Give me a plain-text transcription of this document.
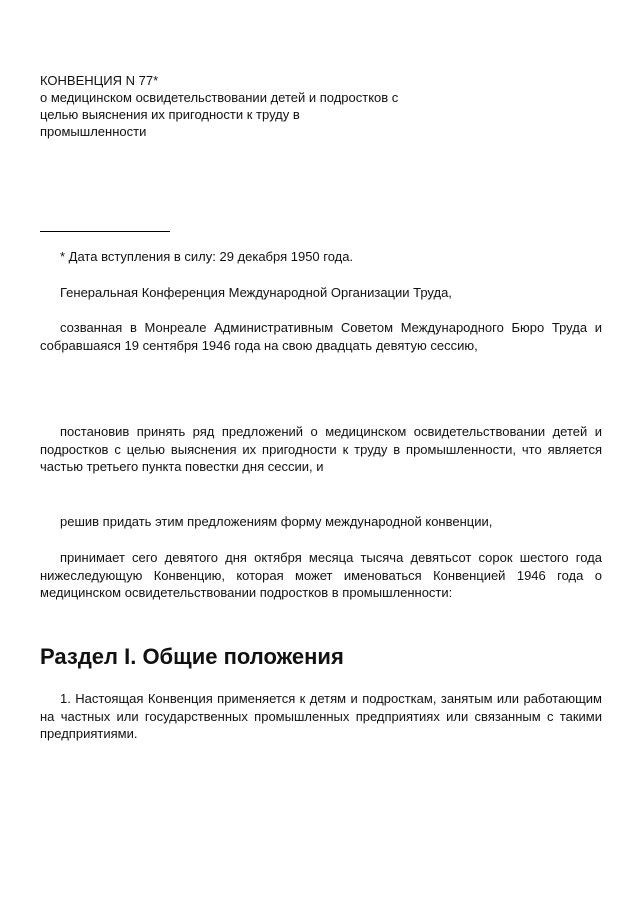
КОНВЕНЦИЯ N 77*
о медицинском освидетельствовании детей и подростков с
целью выяснения их пригодности к труду в
промышленности

* Дата вступления в силу: 29 декабря 1950 года.

Генеральная Конференция Международной Организации Труда,

созванная в Монреале Административным Советом Международного Бюро Труда и собравшаяся 19 сентября 1946 года на свою двадцать девятую сессию,

постановив принять ряд предложений о медицинском освидетельствовании детей и подростков с целью выяснения их пригодности к труду в промышленности, что является частью третьего пункта повестки дня сессии, и

решив придать этим предложениям форму международной конвенции,

принимает сего девятого дня октября месяца тысяча девятьсот сорок шестого года нижеследующую Конвенцию, которая может именоваться Конвенцией 1946 года о медицинском освидетельствовании подростков в промышленности:

Раздел I. Общие положения

1. Настоящая Конвенция применяется к детям и подросткам, занятым или работающим на частных или государственных промышленных предприятиях или связанным с такими предприятиями.
